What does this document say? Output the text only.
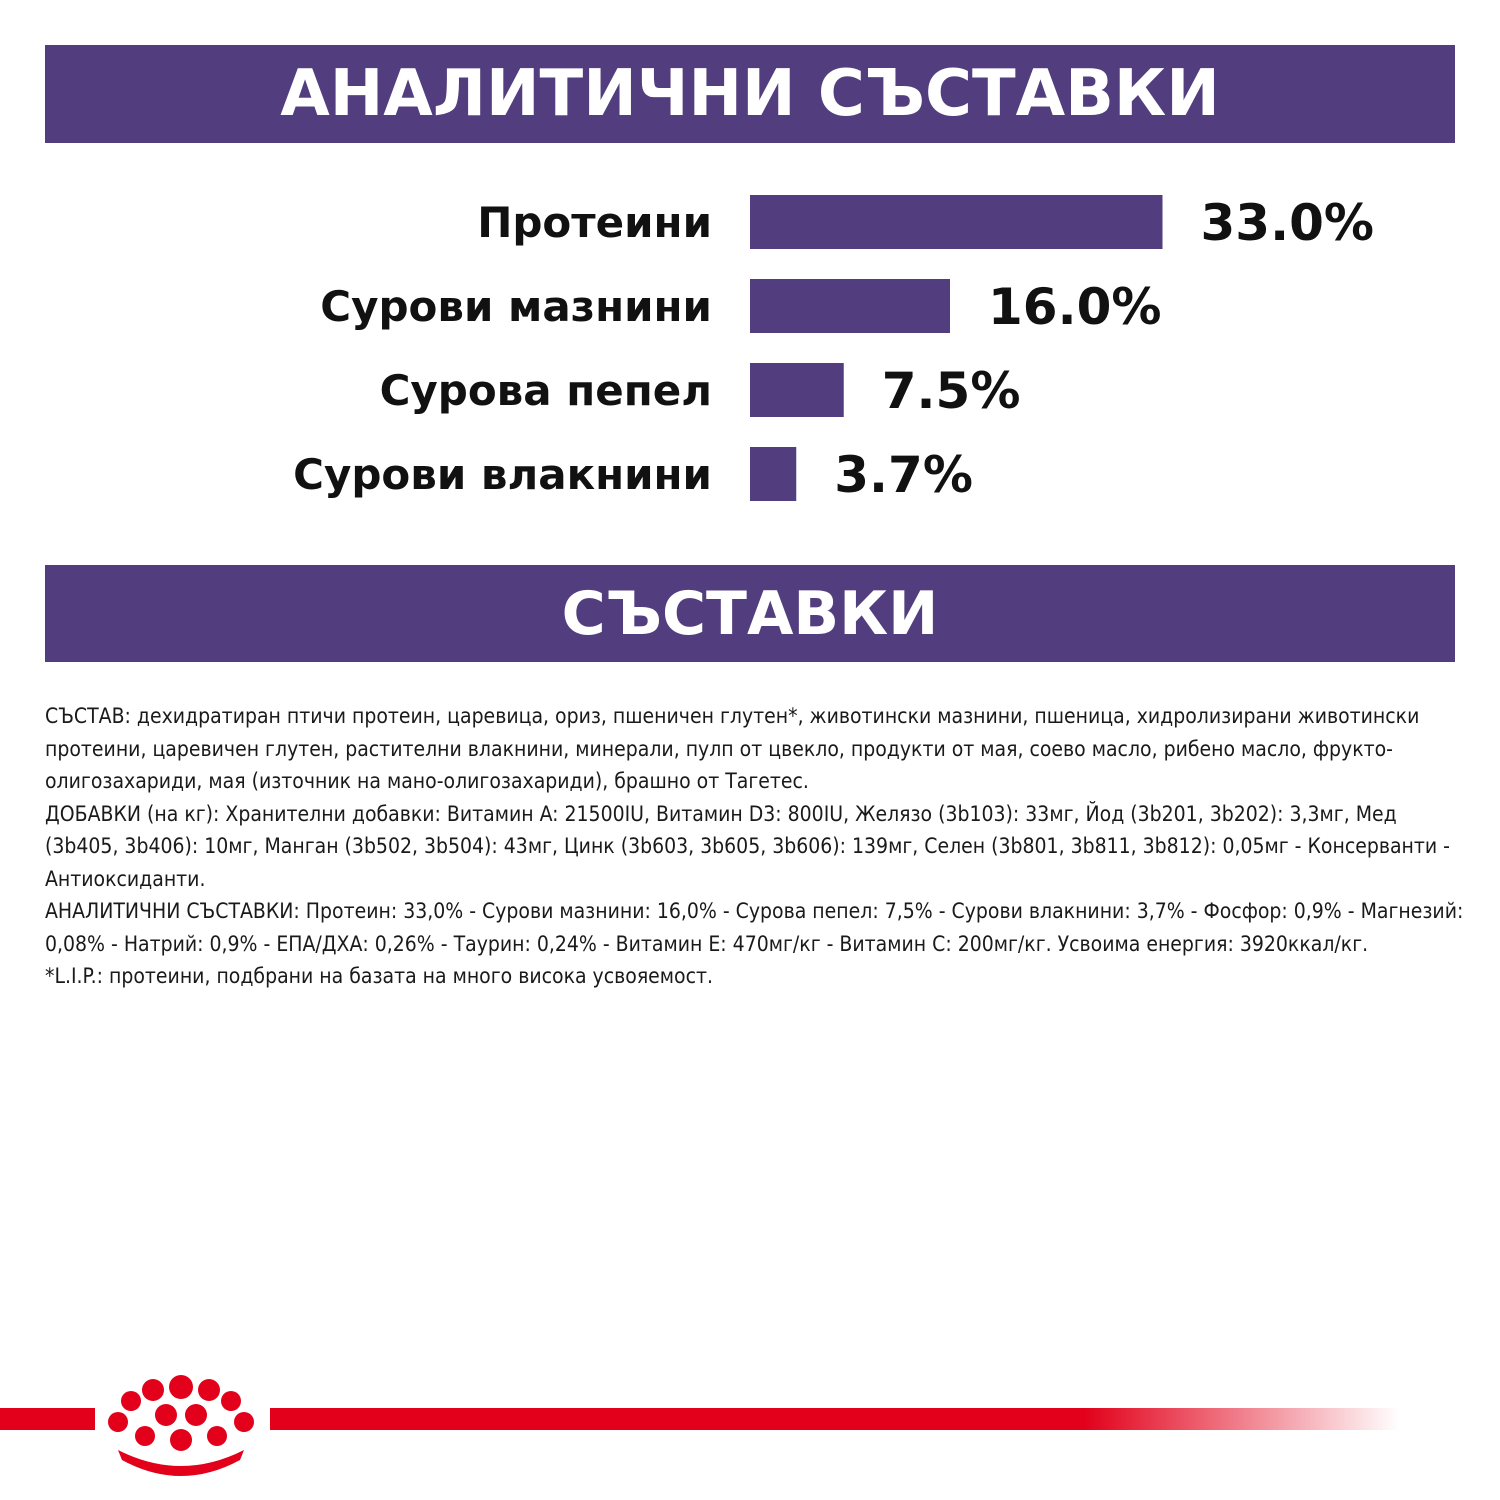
АНАЛИТИЧНИ СЪСТАВКИ
Протеини	33.0%
Сурови мазнини	16.0%
Сурова пепел	7.5%
Сурови влакнини 3.7%
СЪСТАВКИ

СЪСТАВ: дехидратиран птичи протеин, царевица, ориз, пшеничен глутен*, животински мазнини, пшеница, хидролизирани животински протеини, царевичен глутен, растителни влакнини, минерали, пулп от цвекло, продукти от мая, соево масло, рибено масло, фрукто-олигозахариди, мая (източник на мано-олигозахариди), брашно от Тагетес.

ДОБАВКИ (на кг): Хранителни добавки: Витамин A: 21500IU, Витамин D3: 800IU, Желязо (3b103): 33мг, Йод (3b201, 3b202): 3,3мг, Мед (3b405, 3b406): 10мг, Манган (3b502, 3b504): 43мг, Цинк (3b603, 3b605, 3b606): 139мг, Селен (3b801, 3b811, 3b812): 0,05мг - Консерванти - Антиоксиданти.

АНАЛИТИЧНИ СЪСТАВКИ: Протеин: 33,0% - Сурови мазнини: 16,0% - Сурова пепел: 7,5% - Сурови влакнини: 3,7% - Фосфор: 0,9% - Магнезий: 0,08% - Натрий: 0,9% - ЕПА/ДХА: 0,26% - Таурин: 0,24% - Витамин Е: 470мг/кг - Витамин С: 200мг/кг. Усвоима енергия: 3920ккал/кг.

*L.I.P.: протеини, подбрани на базата на много висока усвояемост.
